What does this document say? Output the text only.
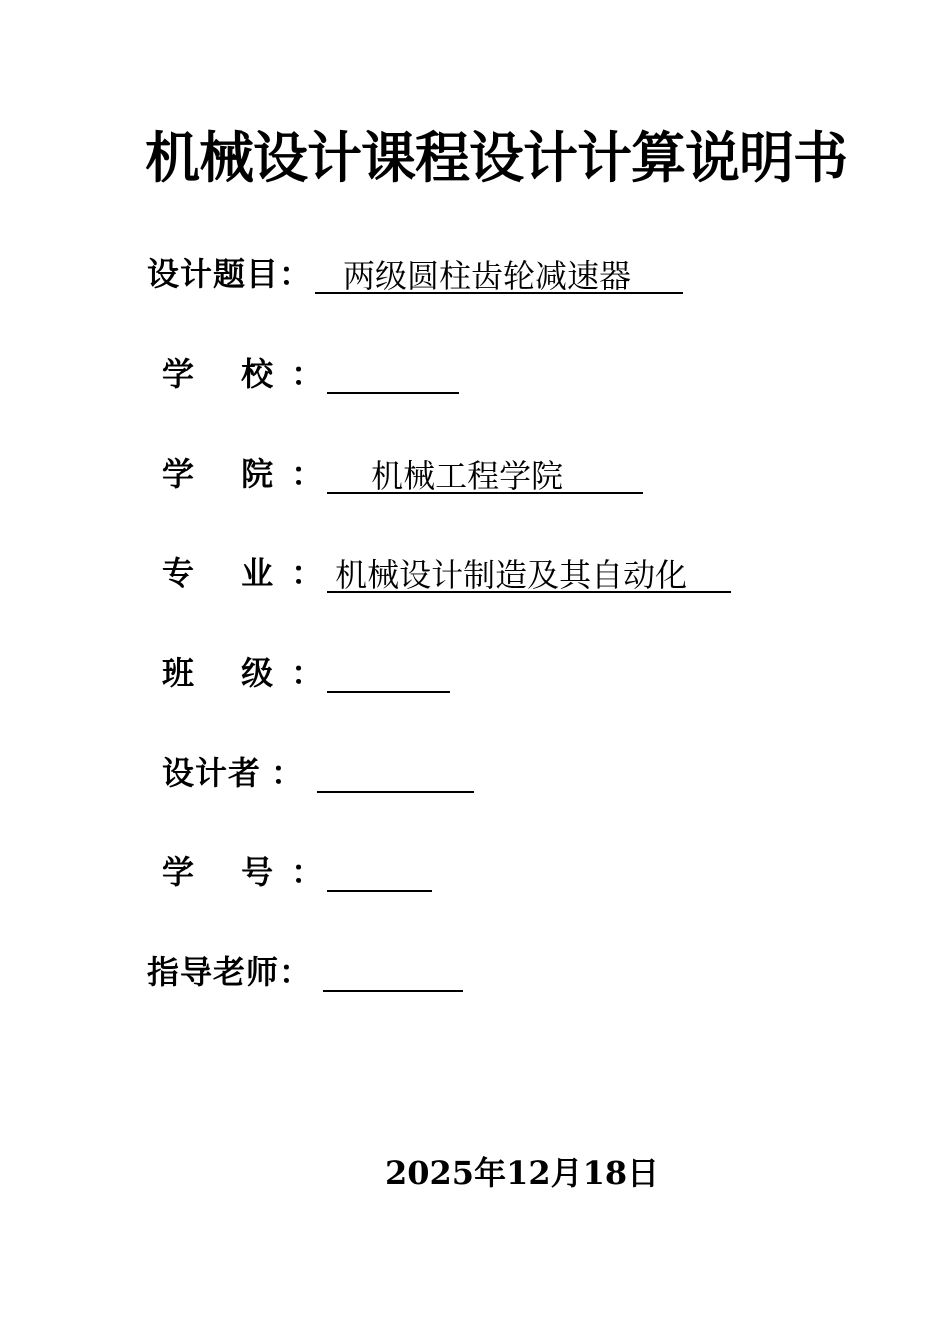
机械设计课程设计计算说明书
设计题目 ：	两级圆柱齿轮减速器
学 校 ：
学 院 ：	机械工程学院
专 业 ： 机械设计制造及其自动化
班 级 ：
设计者 ：
学 号 ：
指导老师 ：
2025年12月18日
